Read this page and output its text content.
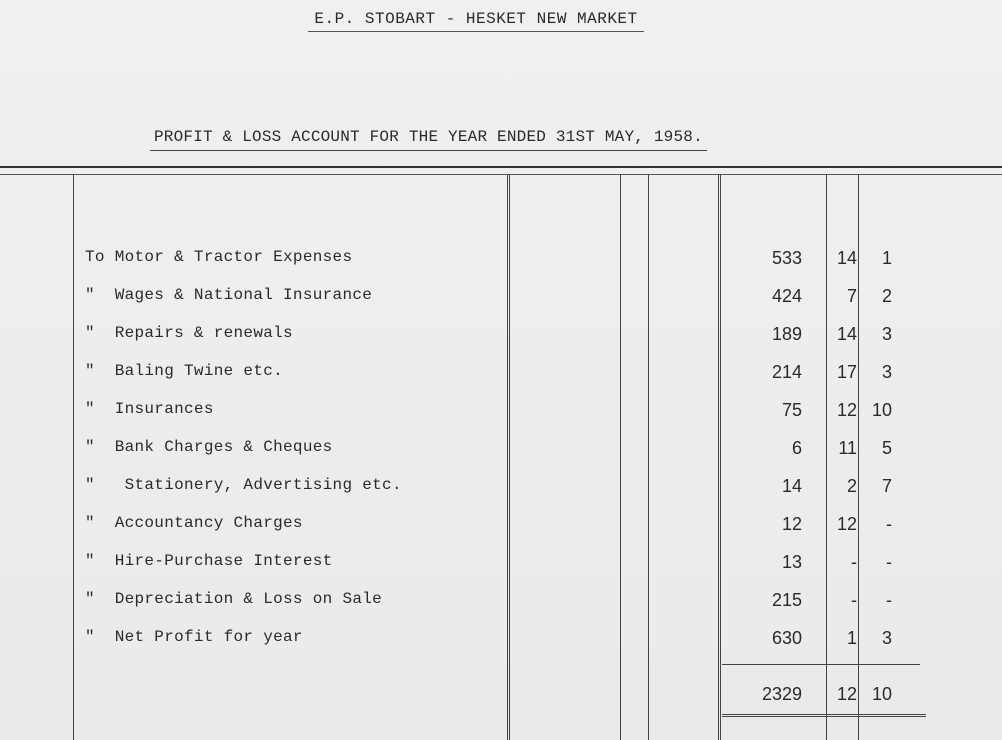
E.P. STOBART - HESKET NEW MARKET
PROFIT & LOSS ACCOUNT FOR THE YEAR ENDED 31ST MAY, 1958.
To Motor & Tractor Expenses	533 14 1
"  Wages & National Insurance	424 7 2
"  Repairs & renewals	189 14 3
"  Baling Twine etc.	214 17 3
"  Insurances	75 12 10
"  Bank Charges & Cheques	6 11 5
"   Stationery, Advertising etc.	14 2 7
"  Accountancy Charges	12 12 -
"  Hire-Purchase Interest	13	- -
"  Depreciation & Loss on Sale	215	- -
"  Net Profit for year	630 1 3
2329 12 10
